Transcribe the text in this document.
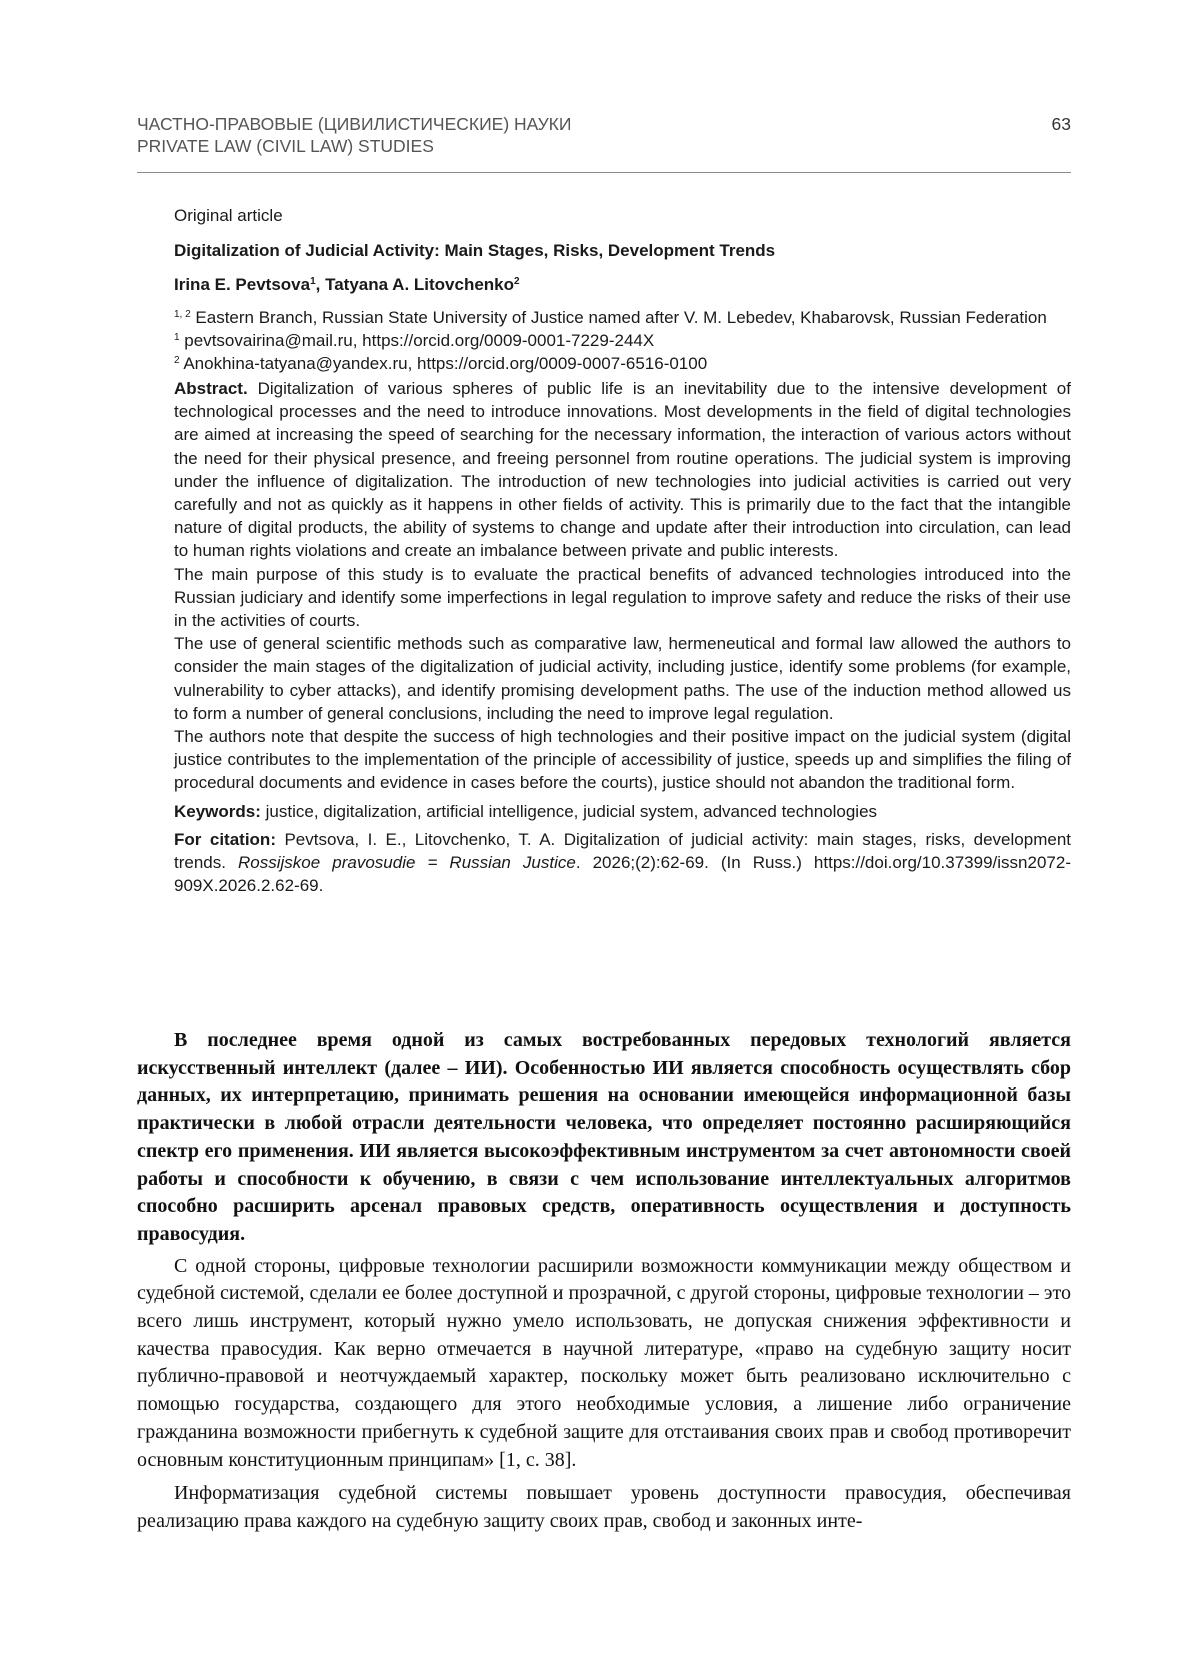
ЧАСТНО-ПРАВОВЫЕ (ЦИВИЛИСТИЧЕСКИЕ) НАУКИ
PRIVATE LAW (CIVIL LAW) STUDIES
63

Original article

Digitalization of Judicial Activity: Main Stages, Risks, Development Trends

Irina E. Pevtsova$^1$, Tatyana A. Litovchenko$^2$

$^{1, 2}$ Eastern Branch, Russian State University of Justice named after V. M. Lebedev, Khabarovsk, Russian Federation

$^1$ pevtsovairina@mail.ru, https://orcid.org/0009-0001-7229-244X

$^2$ Anokhina-tatyana@yandex.ru, https://orcid.org/0009-0007-6516-0100

Abstract. Digitalization of various spheres of public life is an inevitability due to the intensive development of technological processes and the need to introduce innovations. Most developments in the field of digital technologies are aimed at increasing the speed of searching for the necessary information, the interaction of various actors without the need for their physical presence, and freeing personnel from routine operations. The judicial system is improving under the influence of digitalization. The introduction of new technologies into judicial activities is carried out very carefully and not as quickly as it happens in other fields of activity. This is primarily due to the fact that the intangible nature of digital products, the ability of systems to change and update after their introduction into circulation, can lead to human rights violations and create an imbalance between private and public interests.

The main purpose of this study is to evaluate the practical benefits of advanced technologies introduced into the Russian judiciary and identify some imperfections in legal regulation to improve safety and reduce the risks of their use in the activities of courts.

The use of general scientific methods such as comparative law, hermeneutical and formal law allowed the authors to consider the main stages of the digitalization of judicial activity, including justice, identify some problems (for example, vulnerability to cyber attacks), and identify promising development paths. The use of the induction method allowed us to form a number of general conclusions, including the need to improve legal regulation.

The authors note that despite the success of high technologies and their positive impact on the judicial system (digital justice contributes to the implementation of the principle of accessibility of justice, speeds up and simplifies the filing of procedural documents and evidence in cases before the courts), justice should not abandon the traditional form.

Keywords: justice, digitalization, artificial intelligence, judicial system, advanced technologies

For citation: Pevtsova, I. E., Litovchenko, T. A. Digitalization of judicial activity: main stages, risks, development trends. Rossijskoe pravosudie = Russian Justice. 2026;(2):62-69. (In Russ.) https://doi.org/10.37399/issn2072-909X.2026.2.62-69.

В последнее время одной из самых востребованных передовых технологий является искусственный интеллект (далее – ИИ). Особенностью ИИ является способность осуществлять сбор данных, их интерпретацию, принимать решения на основании имеющейся информационной базы практически в любой отрасли деятельности человека, что определяет постоянно расширяющийся спектр его применения. ИИ является высокоэффективным инструментом за счет автономности своей работы и способности к обучению, в связи с чем использование интеллектуальных алгоритмов способно расширить арсенал правовых средств, оперативность осуществления и доступность правосудия.

С одной стороны, цифровые технологии расширили возможности коммуникации между обществом и судебной системой, сделали ее более доступной и прозрачной, с другой стороны, цифровые технологии – это всего лишь инструмент, который нужно умело использовать, не допуская снижения эффективности и качества правосудия. Как верно отмечается в научной литературе, «право на судебную защиту носит публично-правовой и неотчуждаемый характер, поскольку может быть реализовано исключительно с помощью государства, создающего для этого необходимые условия, а лишение либо ограничение гражданина возможности прибегнуть к судебной защите для отстаивания своих прав и свобод противоречит основным конституционным принципам» [1, с. 38].

Информатизация судебной системы повышает уровень доступности правосудия, обеспечивая реализацию права каждого на судебную защиту своих прав, свобод и законных инте-
